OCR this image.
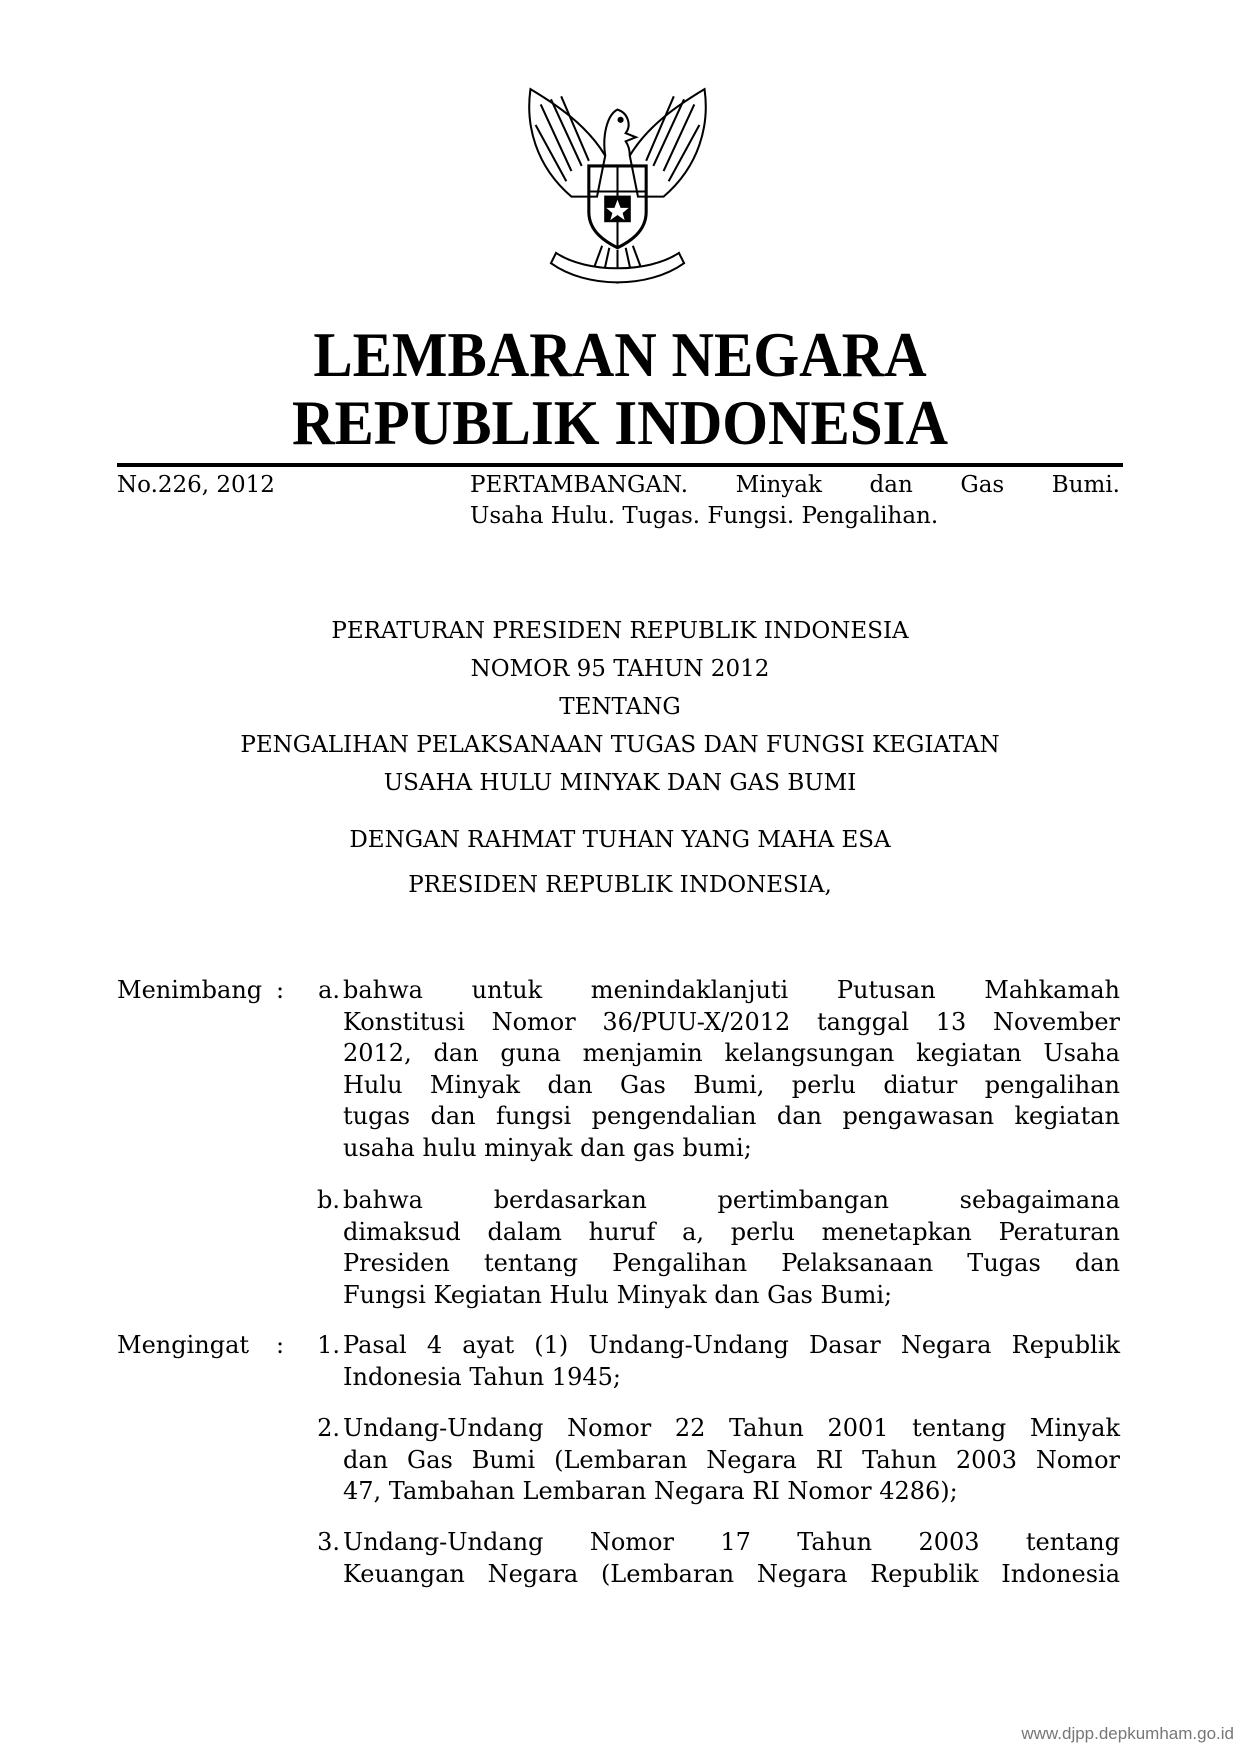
LEMBARAN NEGARA
REPUBLIK INDONESIA
No.226, 2012	PERTAMBANGAN. Minyak dan Gas Bumi.
Usaha Hulu. Tugas. Fungsi. Pengalihan.
PERATURAN PRESIDEN REPUBLIK INDONESIA
NOMOR 95 TAHUN 2012
TENTANG
PENGALIHAN PELAKSANAAN TUGAS DAN FUNGSI KEGIATAN
USAHA HULU MINYAK DAN GAS BUMI
DENGAN RAHMAT TUHAN YANG MAHA ESA
PRESIDEN REPUBLIK INDONESIA,
Menimbang :	a. bahwa untuk menindaklanjuti Putusan Mahkamah
Konstitusi Nomor 36/PUU-X/2012 tanggal 13 November
2012, dan guna menjamin kelangsungan kegiatan Usaha
Hulu Minyak dan Gas Bumi, perlu diatur pengalihan
tugas dan fungsi pengendalian dan pengawasan kegiatan
usaha hulu minyak dan gas bumi;
b. bahwa berdasarkan pertimbangan sebagaimana
dimaksud dalam huruf a, perlu menetapkan Peraturan
Presiden tentang Pengalihan Pelaksanaan Tugas dan
Fungsi Kegiatan Hulu Minyak dan Gas Bumi;
Mengingat :	1. Pasal 4 ayat (1) Undang-Undang Dasar Negara Republik
Indonesia Tahun 1945;
2. Undang-Undang Nomor 22 Tahun 2001 tentang Minyak
dan Gas Bumi (Lembaran Negara RI Tahun 2003 Nomor
47, Tambahan Lembaran Negara RI Nomor 4286);
3. Undang-Undang Nomor 17 Tahun 2003 tentang
Keuangan Negara (Lembaran Negara Republik Indonesia
www.djpp.depkumham.go.id
